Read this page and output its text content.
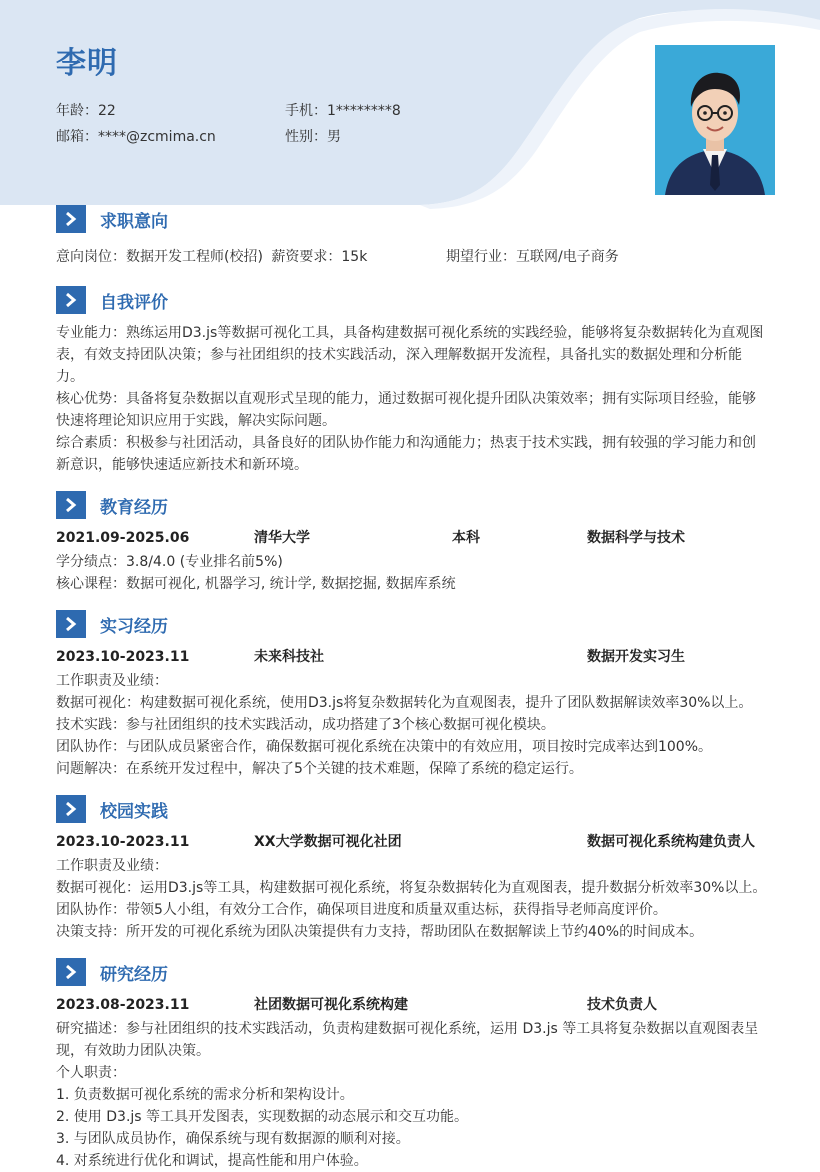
李明
年龄：22	手机：1********8
邮箱：****@zcmima.cn	性别：男
求职意向
意向岗位：数据开发工程师(校招) 薪资要求：15k	期望行业：互联网/电子商务
自我评价

专业能力：熟练运用D3.js等数据可视化工具，具备构建数据可视化系统的实践经验，能够将复杂数据转化为直观图表，有效支持团队决策；参与社团组织的技术实践活动，深入理解数据开发流程，具备扎实的数据处理和分析能力。

核心优势：具备将复杂数据以直观形式呈现的能力，通过数据可视化提升团队决策效率；拥有实际项目经验，能够快速将理论知识应用于实践，解决实际问题。

综合素质：积极参与社团活动，具备良好的团队协作能力和沟通能力；热衷于技术实践，拥有较强的学习能力和创新意识，能够快速适应新技术和新环境。

教育经历
2021.09-2025.06	清华大学	本科	数据科学与技术

学分绩点：3.8/4.0 (专业排名前5%)

核心课程：数据可视化, 机器学习, 统计学, 数据挖掘, 数据库系统

实习经历
2023.10-2023.11	未来科技社	数据开发实习生

工作职责及业绩：

数据可视化：构建数据可视化系统，使用D3.js将复杂数据转化为直观图表，提升了团队数据解读效率30%以上。

技术实践：参与社团组织的技术实践活动，成功搭建了3个核心数据可视化模块。

团队协作：与团队成员紧密合作，确保数据可视化系统在决策中的有效应用，项目按时完成率达到100%。

问题解决：在系统开发过程中，解决了5个关键的技术难题，保障了系统的稳定运行。

校园实践
2023.10-2023.11	XX大学数据可视化社团	数据可视化系统构建负责人

工作职责及业绩：

数据可视化：运用D3.js等工具，构建数据可视化系统，将复杂数据转化为直观图表，提升数据分析效率30%以上。

团队协作：带领5人小组，有效分工合作，确保项目进度和质量双重达标，获得指导老师高度评价。

决策支持：所开发的可视化系统为团队决策提供有力支持，帮助团队在数据解读上节约40%的时间成本。

研究经历
2023.08-2023.11	社团数据可视化系统构建	技术负责人

研究描述：参与社团组织的技术实践活动，负责构建数据可视化系统，运用 D3.js 等工具将复杂数据以直观图表呈现，有效助力团队决策。

个人职责：

1. 负责数据可视化系统的需求分析和架构设计。

2. 使用 D3.js 等工具开发图表，实现数据的动态展示和交互功能。

3. 与团队成员协作，确保系统与现有数据源的顺利对接。

4. 对系统进行优化和调试，提高性能和用户体验。
